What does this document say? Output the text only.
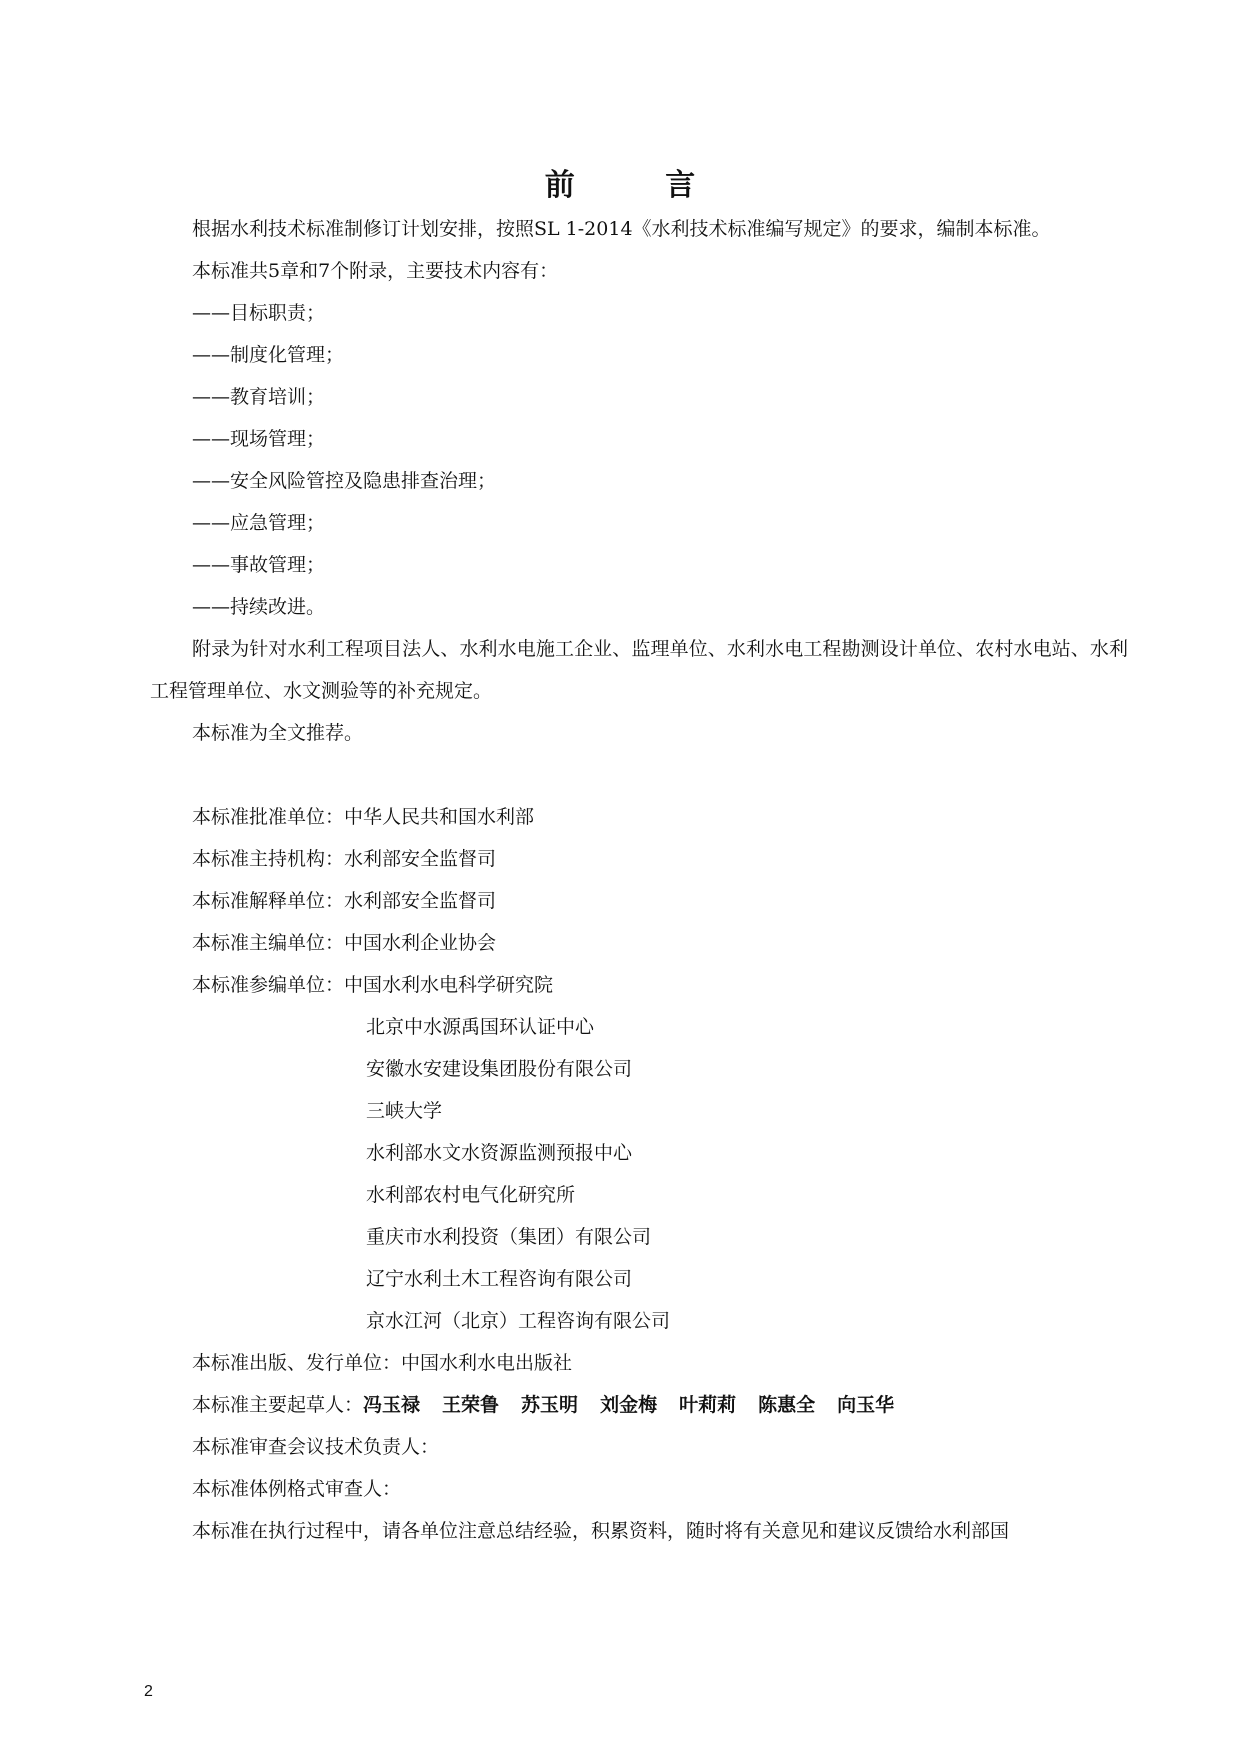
前 言

根据水利技术标准制修订计划安排，按照SL 1-2014《水利技术标准编写规定》的要求，编制本标准。

本标准共5章和7个附录，主要技术内容有：

——目标职责；

——制度化管理；

——教育培训；

——现场管理；

——安全风险管控及隐患排查治理；

——应急管理；

——事故管理；

——持续改进。

附录为针对水利工程项目法人、水利水电施工企业、监理单位、水利水电工程勘测设计单位、农村水电站、水利工程管理单位、水文测验等的补充规定。

本标准为全文推荐。

本标准批准单位： 中华人民共和国水利部

本标准主持机构： 水利部安全监督司

本标准解释单位： 水利部安全监督司

本标准主编单位： 中国水利企业协会

本标准参编单位： 中国水利水电科学研究院

北京中水源禹国环认证中心
安徽水安建设集团股份有限公司
三峡大学
水利部水文水资源监测预报中心
水利部农村电气化研究所
重庆市水利投资（集团）有限公司
辽宁水利土木工程咨询有限公司
京水江河（北京）工程咨询有限公司

本标准出版、发行单位： 中国水利水电出版社

本标准主要起草人： 冯玉禄 王荣鲁 苏玉明 刘金梅 叶莉莉 陈惠全 向玉华

本标准审查会议技术负责人：

本标准体例格式审查人：

本标准在执行过程中，请各单位注意总结经验，积累资料，随时将有关意见和建议反馈给水利部国

2
